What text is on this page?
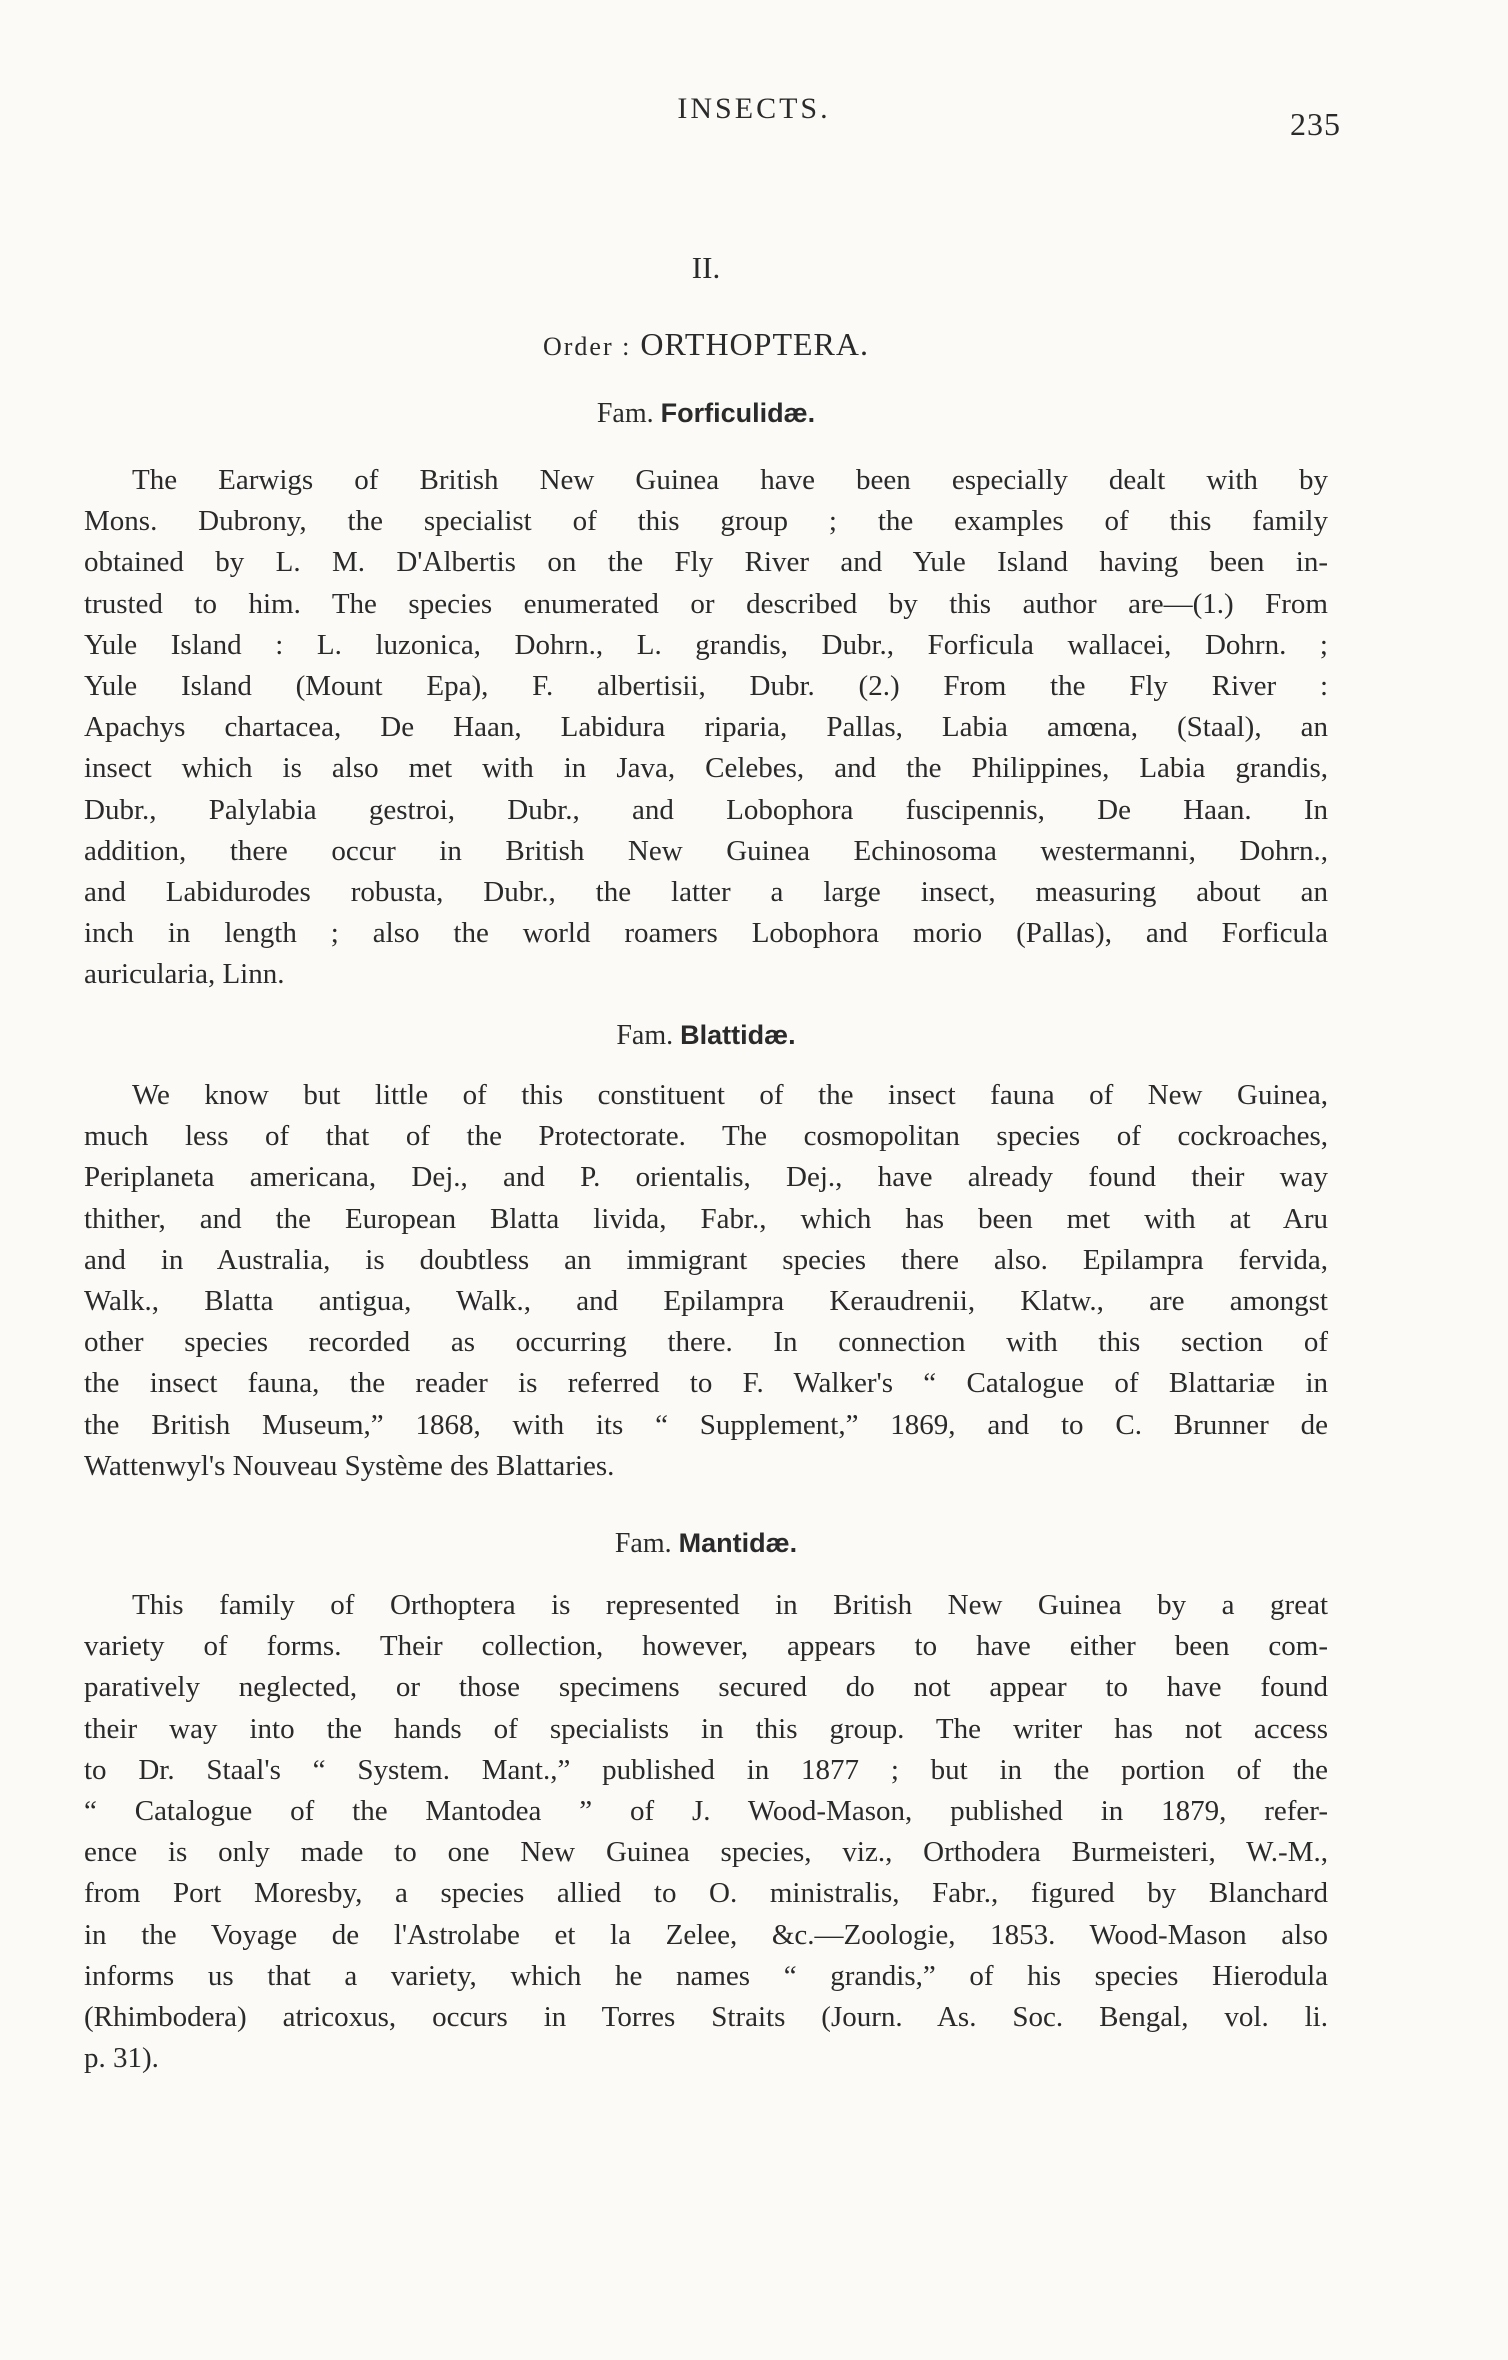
INSECTS.	235
II.
Order : ORTHOPTERA.
Fam. Forficulidæ.
The Earwigs of British New Guinea have been especially dealt with by
Mons. Dubrony, the specialist of this group ; the examples of this family
obtained by L. M. D'Albertis on the Fly River and Yule Island having been in-
trusted to him. The species enumerated or described by this author are—(1.) From
Yule Island : L. luzonica, Dohrn., L. grandis, Dubr., Forficula wallacei, Dohrn. ;
Yule Island (Mount Epa), F. albertisii, Dubr. (2.) From the Fly River :
Apachys chartacea, De Haan, Labidura riparia, Pallas, Labia amœna, (Staal), an
insect which is also met with in Java, Celebes, and the Philippines, Labia grandis,
Dubr., Palylabia gestroi, Dubr., and Lobophora fuscipennis, De Haan. In
addition, there occur in British New Guinea Echinosoma westermanni, Dohrn.,
and Labidurodes robusta, Dubr., the latter a large insect, measuring about an
inch in length ; also the world roamers Lobophora morio (Pallas), and Forficula
auricularia, Linn.
Fam. Blattidæ.
We know but little of this constituent of the insect fauna of New Guinea,
much less of that of the Protectorate. The cosmopolitan species of cockroaches,
Periplaneta americana, Dej., and P. orientalis, Dej., have already found their way
thither, and the European Blatta livida, Fabr., which has been met with at Aru
and in Australia, is doubtless an immigrant species there also. Epilampra fervida,
Walk., Blatta antigua, Walk., and Epilampra Keraudrenii, Klatw., are amongst
other species recorded as occurring there. In connection with this section of
the insect fauna, the reader is referred to F. Walker's “ Catalogue of Blattariæ in
the British Museum,” 1868, with its “ Supplement,” 1869, and to C. Brunner de
Wattenwyl's Nouveau Système des Blattaries.
Fam. Mantidæ.
This family of Orthoptera is represented in British New Guinea by a great
variety of forms. Their collection, however, appears to have either been com-
paratively neglected, or those specimens secured do not appear to have found
their way into the hands of specialists in this group. The writer has not access
to Dr. Staal's “ System. Mant.,” published in 1877 ; but in the portion of the
“ Catalogue of the Mantodea ” of J. Wood-Mason, published in 1879, refer-
ence is only made to one New Guinea species, viz., Orthodera Burmeisteri, W.-M.,
from Port Moresby, a species allied to O. ministralis, Fabr., figured by Blanchard
in the Voyage de l'Astrolabe et la Zelee, &c.—Zoologie, 1853. Wood-Mason also
informs us that a variety, which he names “ grandis,” of his species Hierodula
(Rhimbodera) atricoxus, occurs in Torres Straits (Journ. As. Soc. Bengal, vol. li.
p. 31).
